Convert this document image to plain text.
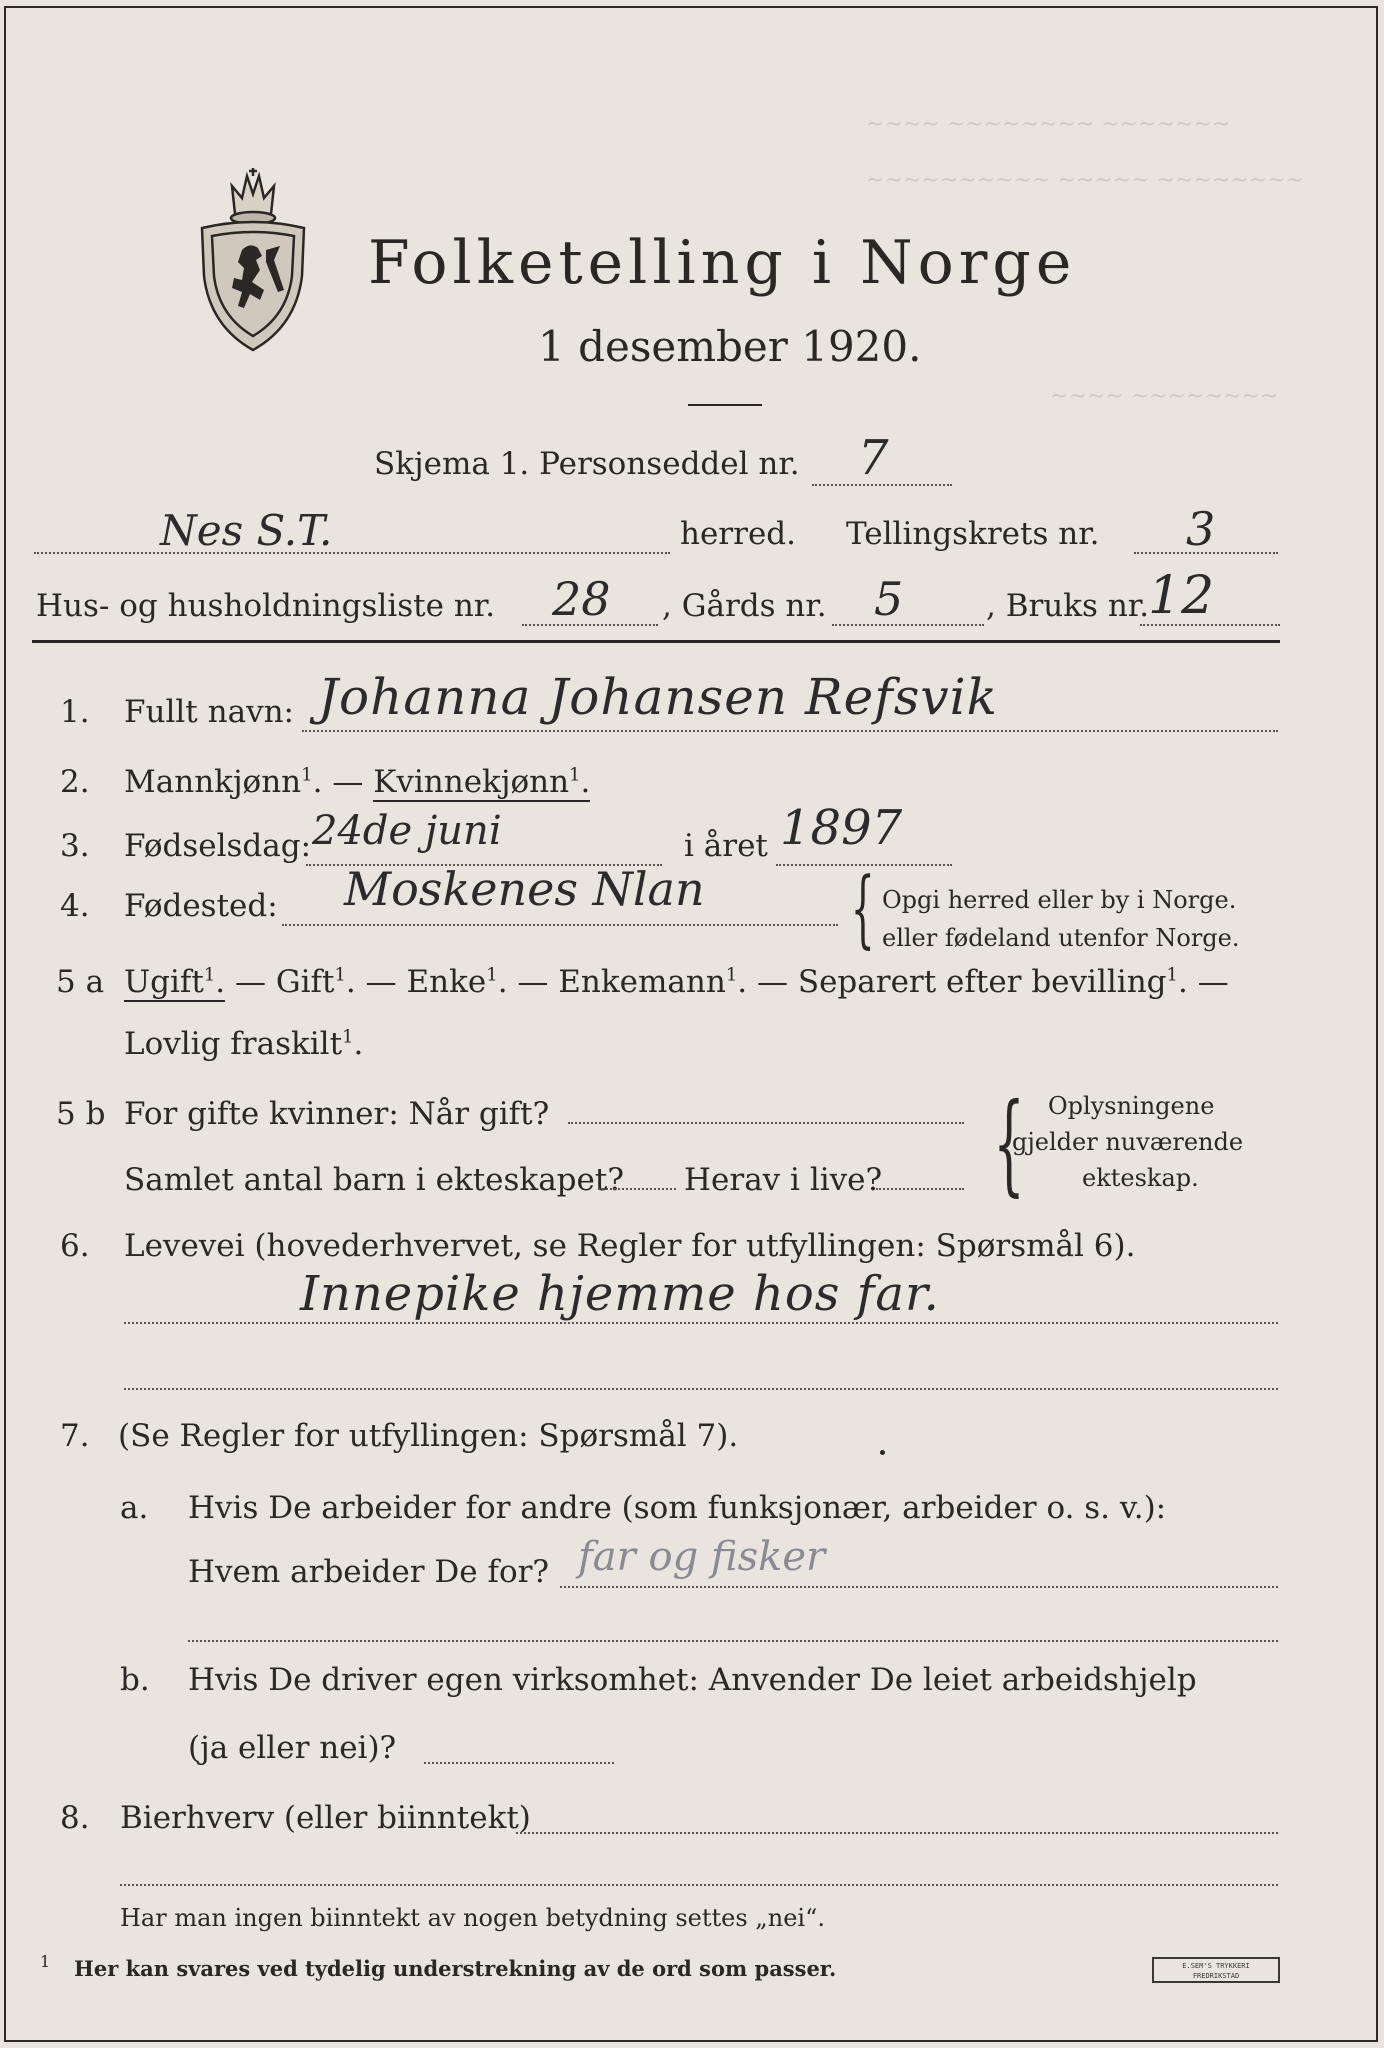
~~~~ ~~~~~~~~ ~~~~~~~
~~~~~~~~~~ ~~~~~ ~~~~~~~~
~~~~ ~~~~~~~~
Folketelling i Norge
1 desember 1920.
Skjema 1. Personseddel nr. 7
Nes S.T.	herred. Tellingskrets nr. 3
Hus- og husholdningsliste nr. 28 , Gårds nr. 5	, Bruks nr.
12
1. Fullt navn: Johanna Johansen Refsvik
2. Mannkjønn$^1$. — Kvinnekjønn$^1$.
3. Fødselsdag: 24de juni	i året 1897
4. Fødested: Moskenes Nlan { Opgi herred eller by i Norge.
eller fødeland utenfor Norge.
5 a Ugift$^1$. — Gift$^1$. — Enke$^1$. — Enkemann$^1$. — Separert efter bevilling$^1$. —
Lovlig fraskilt$^1$.
5 b For gifte kvinner: Når gift?
Samlet antal barn i ekteskapet? Herav i live? { Oplysningene
gjelder nuværende
ekteskap.
6. Levevei (hovederhvervet, se Regler for utfyllingen: Spørsmål 6).
Innepike hjemme hos far.
7. (Se Regler for utfyllingen: Spørsmål 7).
a. Hvis De arbeider for andre (som funksjonær, arbeider o. s. v.):
Hvem arbeider De for? far og fisker
b. Hvis De driver egen virksomhet: Anvender De leiet arbeidshjelp
(ja eller nei)?
8. Bierhverv (eller biinntekt)
Har man ingen biinntekt av nogen betydning settes „nei“.
1 Her kan svares ved tydelig understrekning av de ord som passer.	E.SEM'S TRYKKERI
FREDRIKSTAD
